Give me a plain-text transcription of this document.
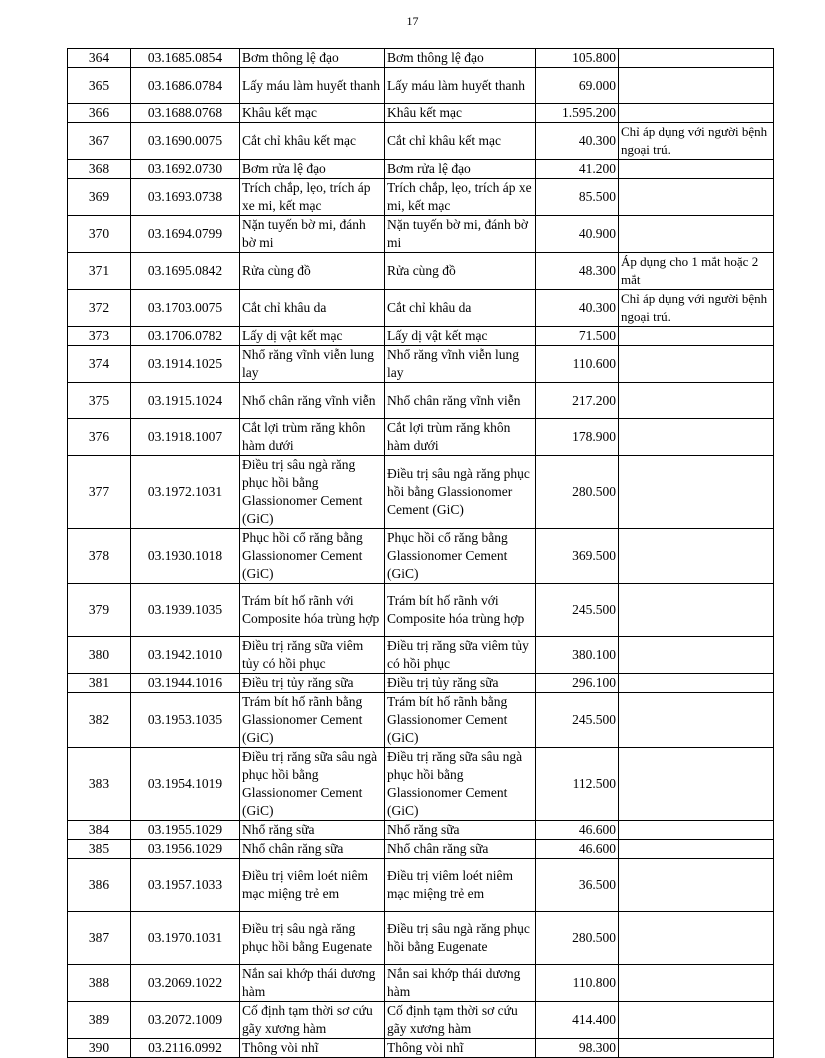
17
364	03.1685.0854	Bơm thông lệ đạo	Bơm thông lệ đạo	105.800	
365	03.1686.0784	Lấy máu làm huyết thanh	Lấy máu làm huyết thanh	69.000	
366	03.1688.0768	Khâu kết mạc	Khâu kết mạc	1.595.200	
367	03.1690.0075	Cắt chỉ khâu kết mạc	Cắt chỉ khâu kết mạc	40.300	Chỉ áp dụng với người bệnh ngoại trú.
368	03.1692.0730	Bơm rửa lệ đạo	Bơm rửa lệ đạo	41.200	
369	03.1693.0738	Trích chắp, lẹo, trích áp xe mi, kết mạc	Trích chắp, lẹo, trích áp xe mi, kết mạc	85.500	
370	03.1694.0799	Nặn tuyến bờ mi, đánh bờ mi	Nặn tuyến bờ mi, đánh bờ mi	40.900	
371	03.1695.0842	Rửa cùng đồ	Rửa cùng đồ	48.300	Áp dụng cho 1 mắt hoặc 2 mắt
372	03.1703.0075	Cắt chỉ khâu da	Cắt chỉ khâu da	40.300	Chỉ áp dụng với người bệnh ngoại trú.
373	03.1706.0782	Lấy dị vật kết mạc	Lấy dị vật kết mạc	71.500	
374	03.1914.1025	Nhổ răng vĩnh viễn lung lay	Nhổ răng vĩnh viễn lung lay	110.600	
375	03.1915.1024	Nhổ chân răng vĩnh viễn	Nhổ chân răng vĩnh viễn	217.200	
376	03.1918.1007	Cắt lợi trùm răng khôn hàm dưới	Cắt lợi trùm răng khôn hàm dưới	178.900	
377	03.1972.1031	Điều trị sâu ngà răng phục hồi bằng Glassionomer Cement (GiC)	Điều trị sâu ngà răng phục hồi bằng Glassionomer Cement (GiC)	280.500	
378	03.1930.1018	Phục hồi cổ răng bằng Glassionomer Cement (GiC)	Phục hồi cổ răng bằng Glassionomer Cement (GiC)	369.500	
379	03.1939.1035	Trám bít hố rãnh với Composite hóa trùng hợp	Trám bít hố rãnh với Composite hóa trùng hợp	245.500	
380	03.1942.1010	Điều trị răng sữa viêm tủy có hồi phục	Điều trị răng sữa viêm tủy có hồi phục	380.100	
381	03.1944.1016	Điều trị tủy răng sữa	Điều trị tủy răng sữa	296.100	
382	03.1953.1035	Trám bít hố rãnh bằng Glassionomer Cement (GiC)	Trám bít hố rãnh bằng Glassionomer Cement (GiC)	245.500	
383	03.1954.1019	Điều trị răng sữa sâu ngà phục hồi bằng Glassionomer Cement (GiC)	Điều trị răng sữa sâu ngà phục hồi bằng Glassionomer Cement (GiC)	112.500	
384	03.1955.1029	Nhổ răng sữa	Nhổ răng sữa	46.600	
385	03.1956.1029	Nhổ chân răng sữa	Nhổ chân răng sữa	46.600	
386	03.1957.1033	Điều trị viêm loét niêm mạc miệng trẻ em	Điều trị viêm loét niêm mạc miệng trẻ em	36.500	
387	03.1970.1031	Điều trị sâu ngà răng phục hồi bằng Eugenate	Điều trị sâu ngà răng phục hồi bằng Eugenate	280.500	
388	03.2069.1022	Nắn sai khớp thái dương hàm	Nắn sai khớp thái dương hàm	110.800	
389	03.2072.1009	Cố định tạm thời sơ cứu gãy xương hàm	Cố định tạm thời sơ cứu gãy xương hàm	414.400	
390	03.2116.0992	Thông vòi nhĩ	Thông vòi nhĩ	98.300	
